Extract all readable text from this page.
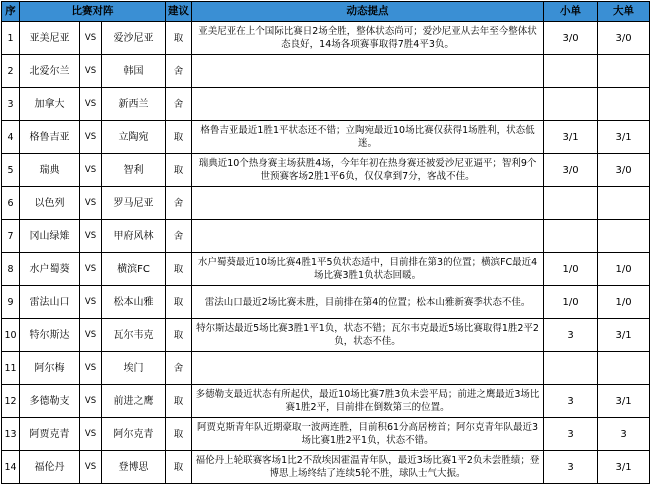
序	比赛对阵			建议	动态提点	小单	大单
1	亚美尼亚	VS	爱沙尼亚	取	亚美尼亚在上个国际比赛日2场全胜，整体状态尚可；爱沙尼亚从去年至今整体状态良好，14场各项赛事取得7胜4平3负。	3/0	3/0
2	北爱尔兰	VS	韩国	舍			
3	加拿大	VS	新西兰	舍			
4	格鲁吉亚	VS	立陶宛	取	格鲁吉亚最近1胜1平状态还不错；立陶宛最近10场比赛仅获得1场胜利，状态低迷。	3/1	3/1
5	瑞典	VS	智利	取	瑞典近10个热身赛主场获胜4场，今年年初在热身赛还被爱沙尼亚逼平；智利9个世预赛客场2胜1平6负，仅仅拿到7分，客战不佳。	3/0	3/0
6	以色列	VS	罗马尼亚	舍			
7	冈山绿雉	VS	甲府风林	舍			
8	水户蜀葵	VS	横滨FC	取	水户蜀葵最近10场比赛4胜1平5负状态适中，目前排在第3的位置；横滨FC最近4场比赛3胜1负状态回暖。	1/0	1/0
9	雷法山口	VS	松本山雅	取	雷法山口最近2场比赛未胜，目前排在第4的位置；松本山雅新赛季状态不佳。	1/0	1/0
10	特尔斯达	VS	瓦尔韦克	取	特尔斯达最近5场比赛3胜1平1负，状态不错；瓦尔韦克最近5场比赛取得1胜2平2负，状态不佳。	3	3/1
11	阿尔梅	VS	埃门	舍			
12	多德勒支	VS	前进之鹰	取	多德勒支最近状态有所起伏，最近10场比赛7胜3负未尝平局；前进之鹰最近3场比赛1胜2平，目前排在倒数第三的位置。	3	3/1
13	阿贾克青	VS	阿尔克青	取	阿贾克斯青年队近期豪取一波两连胜，目前积61分高居榜首；阿尔克青年队最近3场比赛1胜2平1负，状态不错。	3	3
14	福伦丹	VS	登博思	取	福伦丹上轮联赛客场1比2不敌埃因霍温青年队，最近3场比赛1平2负未尝胜绩；登博思上场终结了连续5轮不胜，球队士气大振。	3	3/1
